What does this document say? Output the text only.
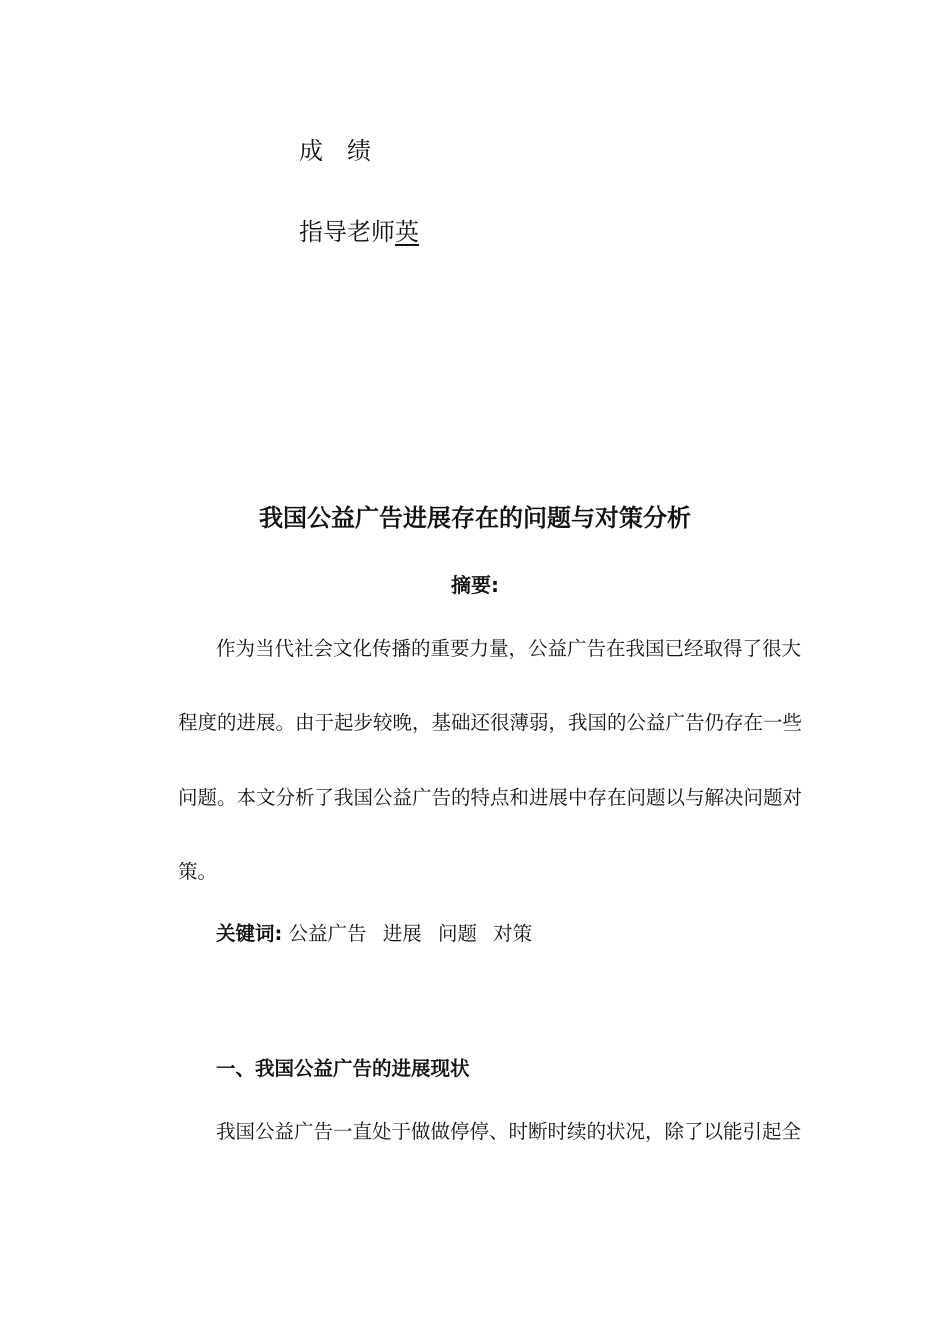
成绩
指导老师英
我国公益广告进展存在的问题与对策分析
摘要:
作为当代社会文化传播的重要力量，公益广告在我国已经取得了很大
程度的进展。由于起步较晚，基础还很薄弱，我国的公益广告仍存在一些
问题。本文分析了我国公益广告的特点和进展中存在问题以与解决问题对
策。
关键词: 公益广告 进展 问题 对策
一、我国公益广告的进展现状
我国公益广告一直处于做做停停、时断时续的状况，除了以能引起全
